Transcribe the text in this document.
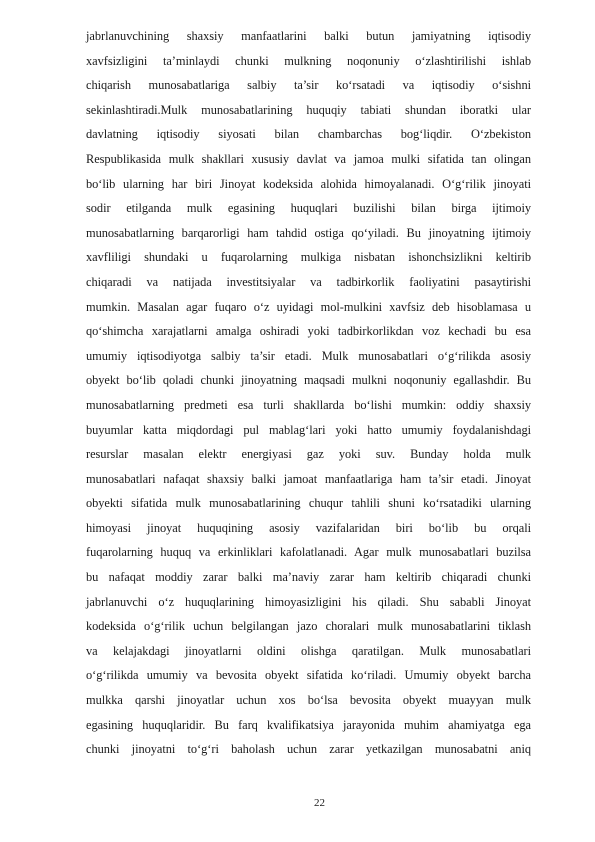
jabrlanuvchining shaxsiy manfaatlarini balki butun jamiyatning iqtisodiy
xavfsizligini ta’minlaydi chunki mulkning noqonuniy o‘zlashtirilishi ishlab
chiqarish munosabatlariga salbiy ta’sir ko‘rsatadi va iqtisodiy o‘sishni
sekinlashtiradi.Mulk munosabatlarining huquqiy tabiati shundan iboratki ular
davlatning iqtisodiy siyosati bilan chambarchas bog‘liqdir. O‘zbekiston
Respublikasida mulk shakllari xususiy davlat va jamoa mulki sifatida tan olingan
bo‘lib ularning har biri Jinoyat kodeksida alohida himoyalanadi. O‘g‘rilik jinoyati
sodir etilganda mulk egasining huquqlari buzilishi bilan birga ijtimoiy
munosabatlarning barqarorligi ham tahdid ostiga qo‘yiladi. Bu jinoyatning ijtimoiy
xavfliligi shundaki u fuqarolarning mulkiga nisbatan ishonchsizlikni keltirib
chiqaradi va natijada investitsiyalar va tadbirkorlik faoliyatini pasaytirishi
mumkin. Masalan agar fuqaro o‘z uyidagi mol-mulkini xavfsiz deb hisoblamasa u
qo‘shimcha xarajatlarni amalga oshiradi yoki tadbirkorlikdan voz kechadi bu esa
umumiy iqtisodiyotga salbiy ta’sir etadi. Mulk munosabatlari o‘g‘rilikda asosiy
obyekt bo‘lib qoladi chunki jinoyatning maqsadi mulkni noqonuniy egallashdir. Bu
munosabatlarning predmeti esa turli shakllarda bo‘lishi mumkin: oddiy shaxsiy
buyumlar katta miqdordagi pul mablag‘lari yoki hatto umumiy foydalanishdagi
resurslar masalan elektr energiyasi gaz yoki suv. Bunday holda mulk
munosabatlari nafaqat shaxsiy balki jamoat manfaatlariga ham ta’sir etadi. Jinoyat
obyekti sifatida mulk munosabatlarining chuqur tahlili shuni ko‘rsatadiki ularning
himoyasi jinoyat huquqining asosiy vazifalaridan biri bo‘lib bu orqali
fuqarolarning huquq va erkinliklari kafolatlanadi. Agar mulk munosabatlari buzilsa
bu nafaqat moddiy zarar balki ma’naviy zarar ham keltirib chiqaradi chunki
jabrlanuvchi o‘z huquqlarining himoyasizligini his qiladi. Shu sababli Jinoyat
kodeksida o‘g‘rilik uchun belgilangan jazo choralari mulk munosabatlarini tiklash
va kelajakdagi jinoyatlarni oldini olishga qaratilgan. Mulk munosabatlari
o‘g‘rilikda umumiy va bevosita obyekt sifatida ko‘riladi. Umumiy obyekt barcha
mulkka qarshi jinoyatlar uchun xos bo‘lsa bevosita obyekt muayyan mulk
egasining huquqlaridir. Bu farq kvalifikatsiya jarayonida muhim ahamiyatga ega
chunki jinoyatni to‘g‘ri baholash uchun zarar yetkazilgan munosabatni aniq
22
